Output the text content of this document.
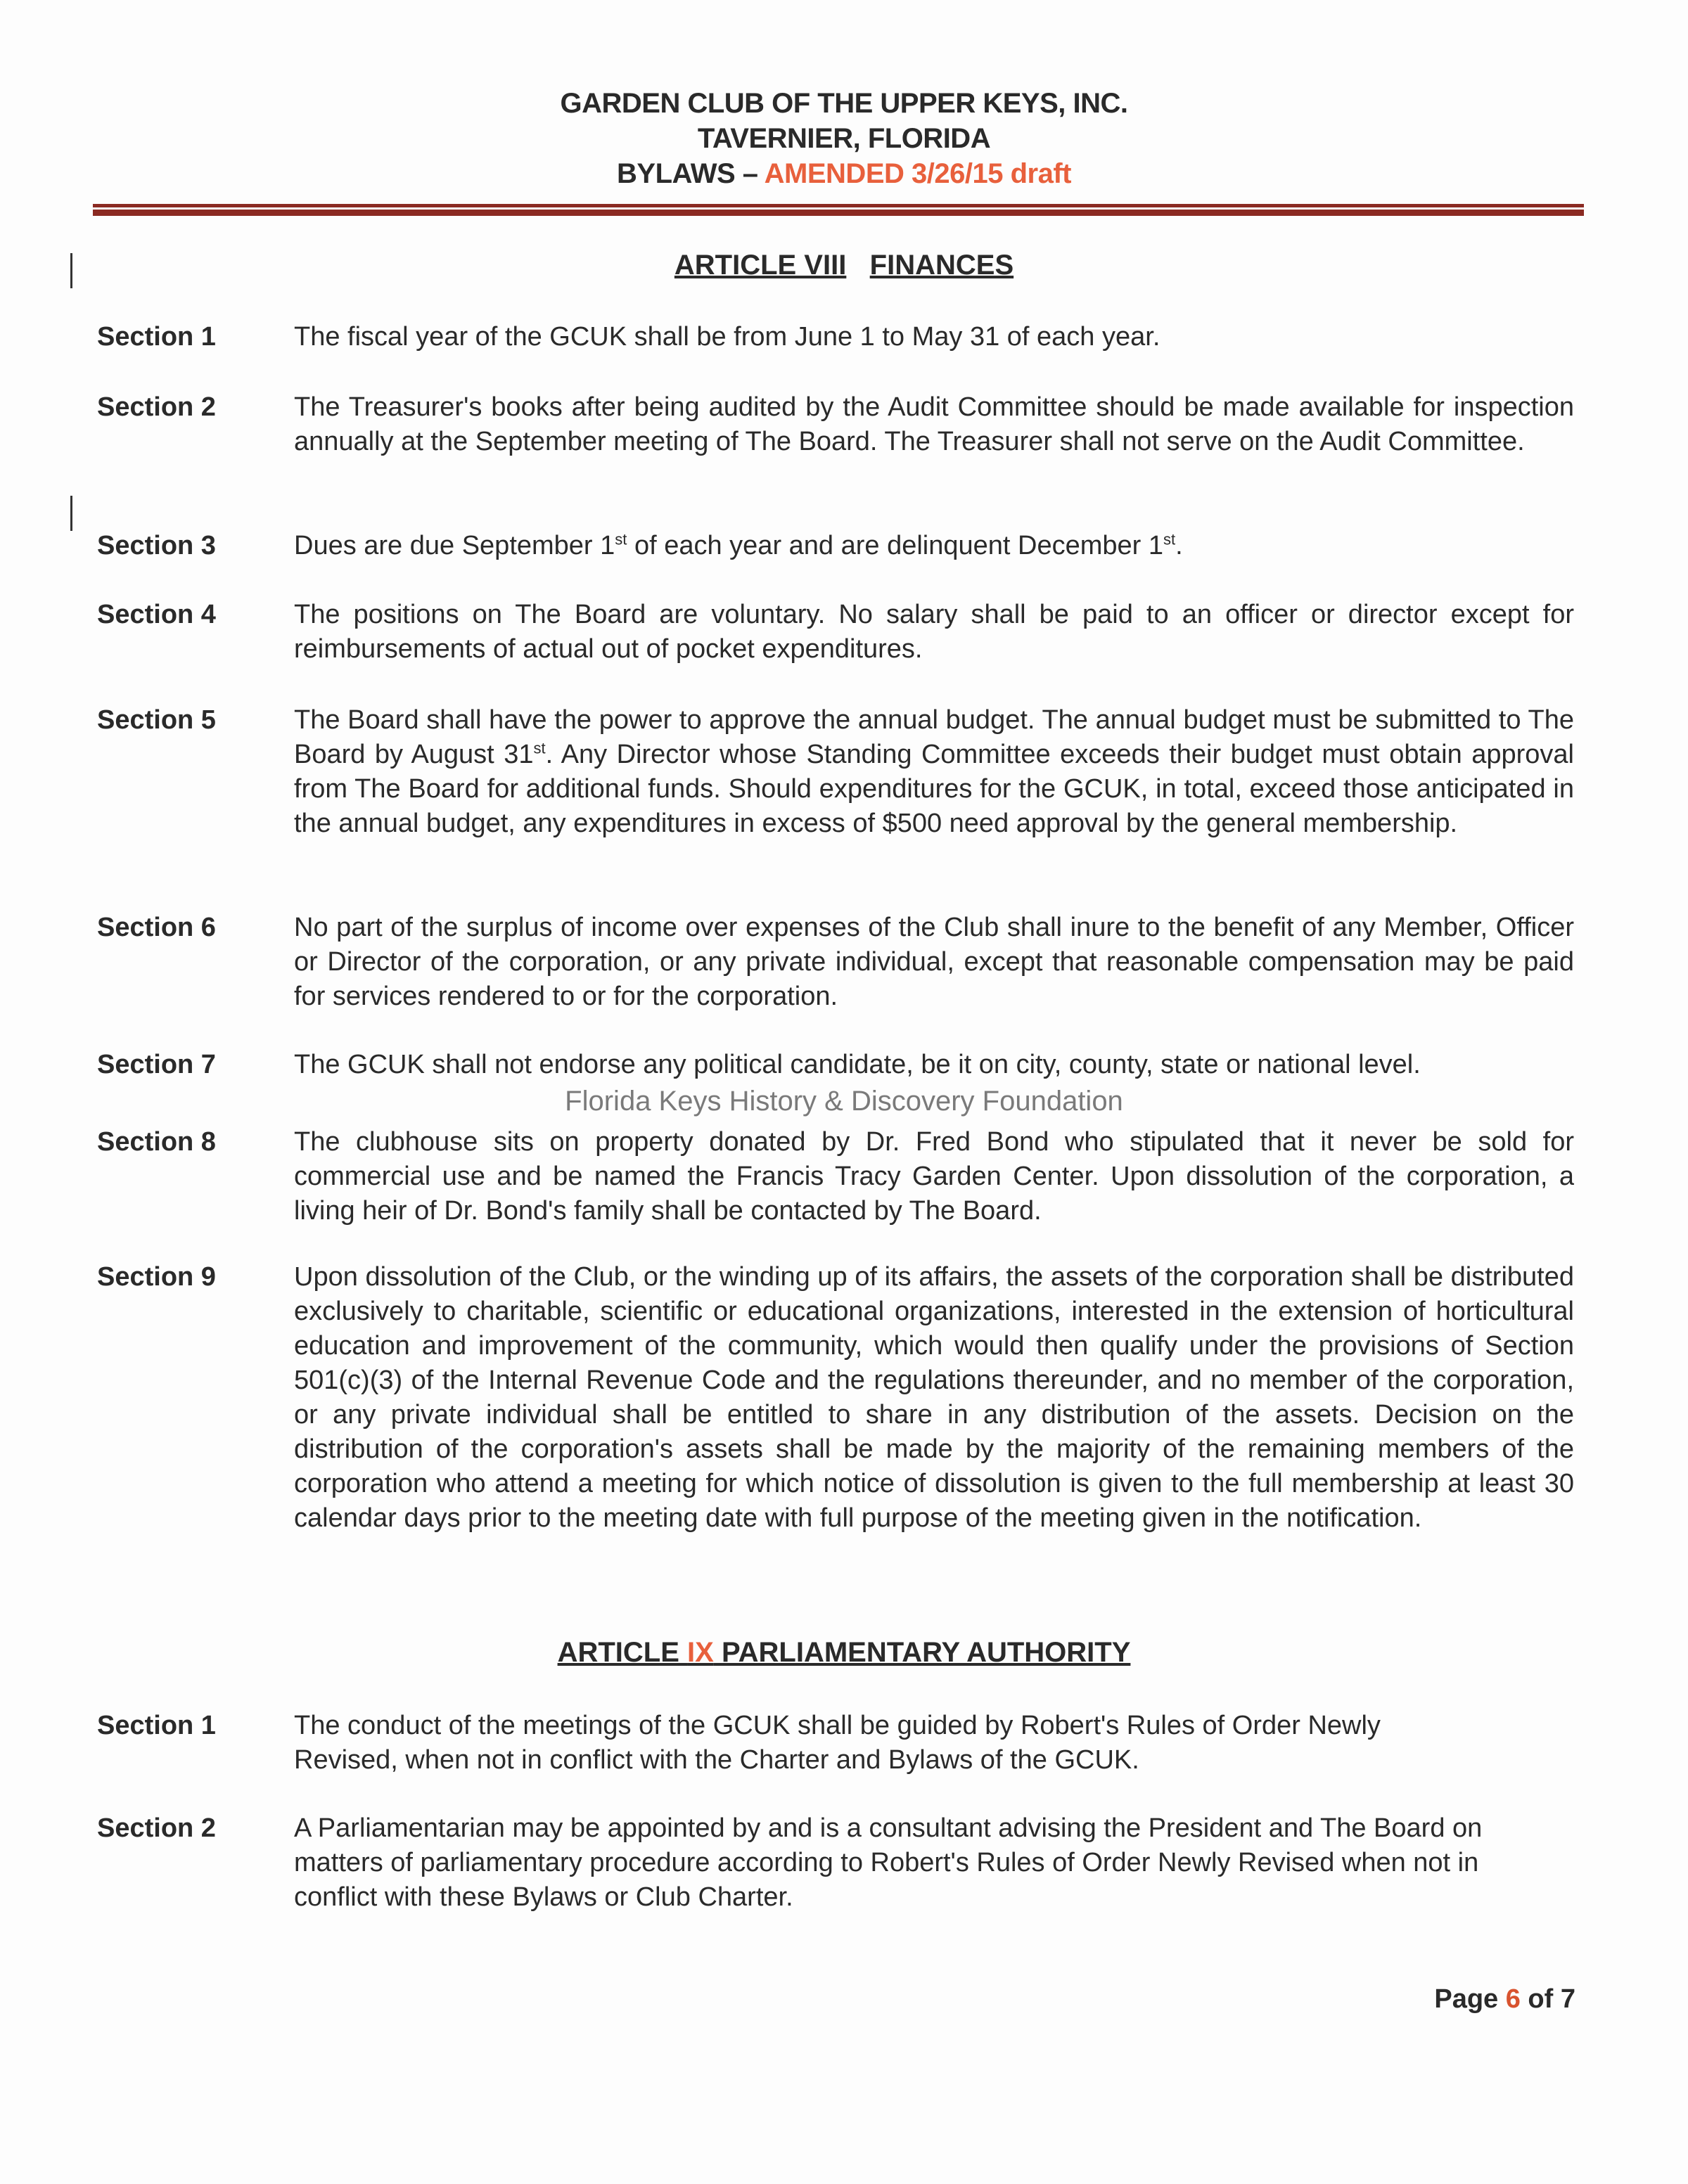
GARDEN CLUB OF THE UPPER KEYS, INC.
TAVERNIER, FLORIDA
BYLAWS – AMENDED 3/26/15 draft
ARTICLE VIII FINANCES
Section 1	The fiscal year of the GCUK shall be from June 1 to May 31 of each year.
Section 2	The Treasurer's books after being audited by the Audit Committee should be made available for inspection annually at the September meeting of The Board. The Treasurer shall not serve on the Audit Committee.
Section 3	Dues are due September 1st of each year and are delinquent December 1st.
Section 4	The positions on The Board are voluntary. No salary shall be paid to an officer or director except for reimbursements of actual out of pocket expenditures.
Section 5	The Board shall have the power to approve the annual budget. The annual budget must be submitted to The Board by August 31st. Any Director whose Standing Committee exceeds their budget must obtain approval from The Board for additional funds. Should expenditures for the GCUK, in total, exceed those anticipated in the annual budget, any expenditures in excess of $500 need approval by the general membership.
Section 6	No part of the surplus of income over expenses of the Club shall inure to the benefit of any Member, Officer or Director of the corporation, or any private individual, except that reasonable compensation may be paid for services rendered to or for the corporation.
Section 7	The GCUK shall not endorse any political candidate, be it on city, county, state or national level.
Florida Keys History & Discovery Foundation
Section 8	The clubhouse sits on property donated by Dr. Fred Bond who stipulated that it never be sold for commercial use and be named the Francis Tracy Garden Center. Upon dissolution of the corporation, a living heir of Dr. Bond's family shall be contacted by The Board.
Section 9	Upon dissolution of the Club, or the winding up of its affairs, the assets of the corporation shall be distributed exclusively to charitable, scientific or educational organizations, interested in the extension of horticultural education and improvement of the community, which would then qualify under the provisions of Section 501(c)(3) of the Internal Revenue Code and the regulations thereunder, and no member of the corporation, or any private individual shall be entitled to share in any distribution of the assets. Decision on the distribution of the corporation's assets shall be made by the majority of the remaining members of the corporation who attend a meeting for which notice of dissolution is given to the full membership at least 30 calendar days prior to the meeting date with full purpose of the meeting given in the notification.
ARTICLE IX PARLIAMENTARY AUTHORITY
Section 1	The conduct of the meetings of the GCUK shall be guided by Robert's Rules of Order Newly Revised, when not in conflict with the Charter and Bylaws of the GCUK.
Section 2	A Parliamentarian may be appointed by and is a consultant advising the President and The Board on matters of parliamentary procedure according to Robert's Rules of Order Newly Revised when not in conflict with these Bylaws or Club Charter.
Page 6 of 7
